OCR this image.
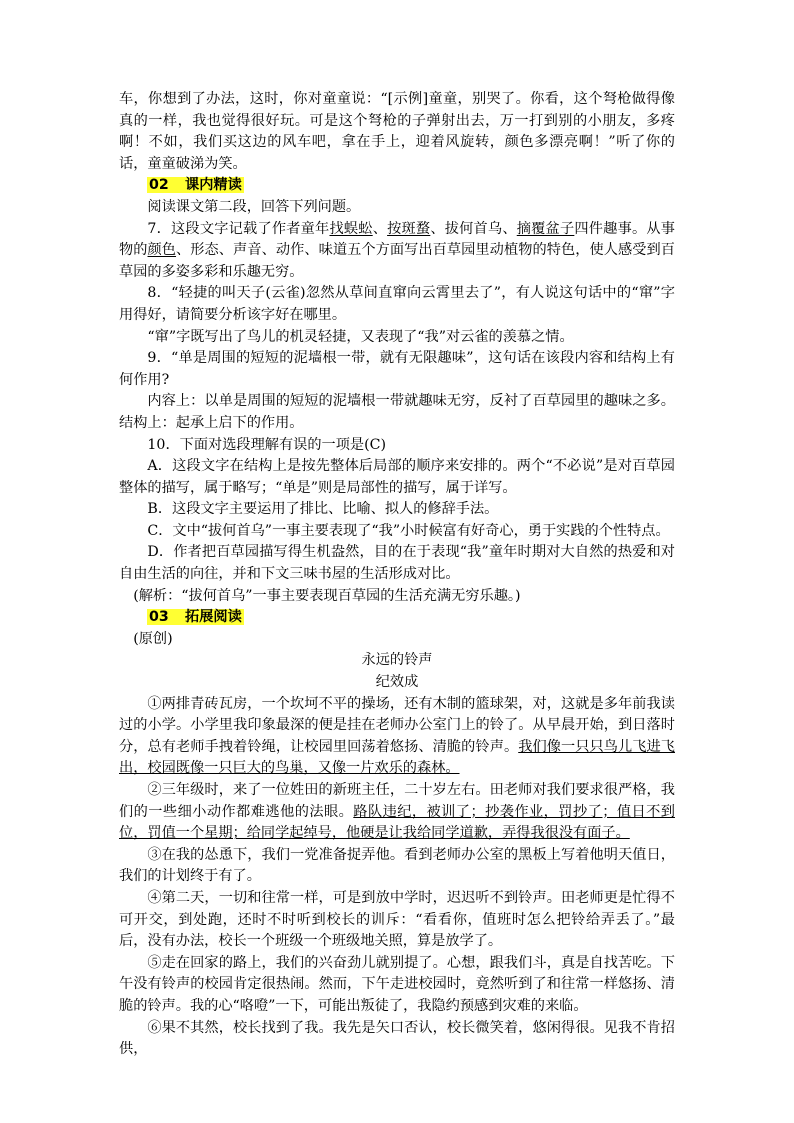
车，你想到了办法，这时，你对童童说：“[示例]童童，别哭了。你看，这个弩枪做得像真的一样，我也觉得很好玩。可是这个弩枪的子弹射出去，万一打到别的小朋友，多疼啊！不如，我们买这边的风车吧，拿在手上，迎着风旋转，颜色多漂亮啊！”听了你的话，童童破涕为笑。

02 课内精读

阅读课文第二段，回答下列问题。

7．这段文字记载了作者童年找蜈蚣、按斑蝥、拔何首乌、摘覆盆子四件趣事。从事物的颜色、形态、声音、动作、味道五个方面写出百草园里动植物的特色，使人感受到百草园的多姿多彩和乐趣无穷。

8．“轻捷的叫天子(云雀)忽然从草间直窜向云霄里去了”，有人说这句话中的“窜”字用得好，请简要分析该字好在哪里。

“窜”字既写出了鸟儿的机灵轻捷，又表现了“我”对云雀的羡慕之情。

9．“单是周围的短短的泥墙根一带，就有无限趣味”，这句话在该段内容和结构上有何作用?

内容上：以单是周围的短短的泥墙根一带就趣味无穷，反衬了百草园里的趣味之多。结构上：起承上启下的作用。

10．下面对选段理解有误的一项是(C)

A．这段文字在结构上是按先整体后局部的顺序来安排的。两个“不必说”是对百草园整体的描写，属于略写；“单是”则是局部性的描写，属于详写。

B．这段文字主要运用了排比、比喻、拟人的修辞手法。

C．文中“拔何首乌”一事主要表现了“我”小时候富有好奇心，勇于实践的个性特点。

D．作者把百草园描写得生机盎然，目的在于表现“我”童年时期对大自然的热爱和对自由生活的向往，并和下文三味书屋的生活形成对比。

(解析：“拔何首乌”一事主要表现百草园的生活充满无穷乐趣。)

03 拓展阅读

(原创)

永远的铃声

纪效成

①两排青砖瓦房，一个坎坷不平的操场，还有木制的篮球架，对，这就是多年前我读过的小学。小学里我印象最深的便是挂在老师办公室门上的铃了。从早晨开始，到日落时分，总有老师手拽着铃绳，让校园里回荡着悠扬、清脆的铃声。我们像一只只鸟儿飞进飞出，校园既像一只巨大的鸟巢，又像一片欢乐的森林。

②三年级时，来了一位姓田的新班主任，二十岁左右。田老师对我们要求很严格，我们的一些细小动作都难逃他的法眼。路队违纪，被训了；抄袭作业，罚抄了；值日不到位，罚值一个星期；给同学起绰号，他硬是让我给同学道歉，弄得我很没有面子。

③在我的怂恿下，我们一党准备捉弄他。看到老师办公室的黑板上写着他明天值日，我们的计划终于有了。

④第二天，一切和往常一样，可是到放中学时，迟迟听不到铃声。田老师更是忙得不可开交，到处跑，还时不时听到校长的训斥：“看看你，值班时怎么把铃给弄丢了。”最后，没有办法，校长一个班级一个班级地关照，算是放学了。

⑤走在回家的路上，我们的兴奋劲儿就别提了。心想，跟我们斗，真是自找苦吃。下午没有铃声的校园肯定很热闹。然而，下午走进校园时，竟然听到了和往常一样悠扬、清脆的铃声。我的心“咯噔”一下，可能出叛徒了，我隐约预感到灾难的来临。

⑥果不其然，校长找到了我。我先是矢口否认，校长微笑着，悠闲得很。见我不肯招供，
